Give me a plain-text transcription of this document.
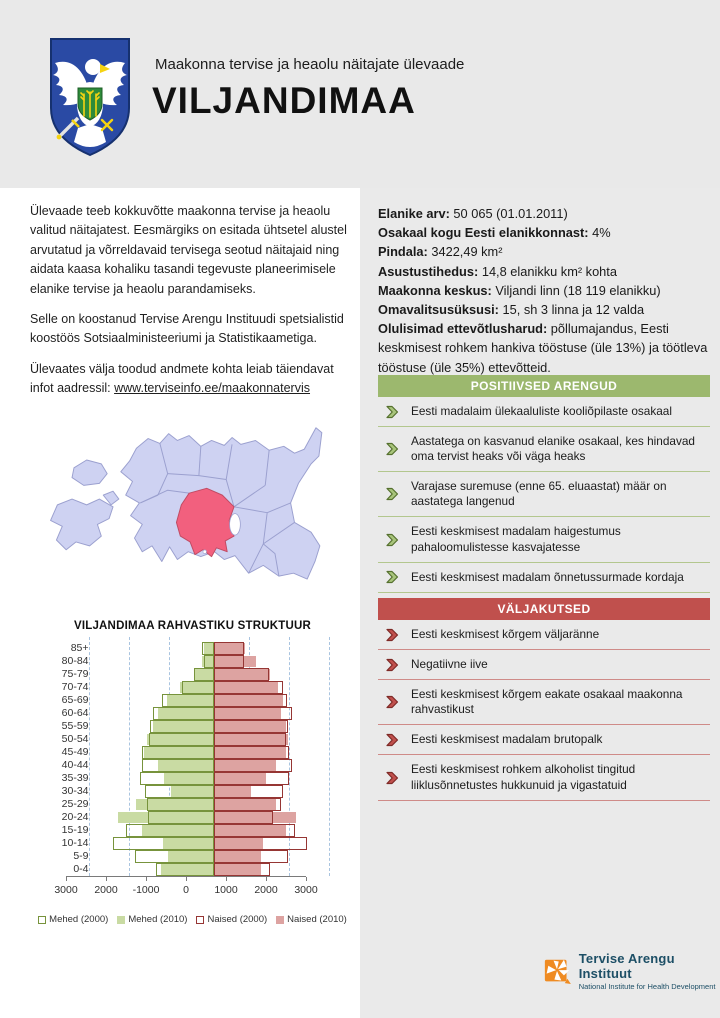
Maakonna tervise ja heaolu näitajate ülevaade
VILJANDIMAA

Ülevaade teeb kokkuvõtte maakonna tervise ja heaolu valitud näitajatest. Eesmärgiks on esitada ühtsetel alustel arvutatud ja võrreldavaid tervisega seotud näitajaid ning aidata kaasa kohaliku tasandi tegevuste planeerimisele elanike tervise ja heaolu parandamiseks.

Selle on koostanud Tervise Arengu Instituudi spetsialistid koostöös Sotsiaalministeeriumi ja Statistikaametiga.

Ülevaates välja toodud andmete kohta leiab täiendavat infot aadressil: www.terviseinfo.ee/maakonnatervis

VILJANDIMAA RAHVASTIKU STRUKTUUR
85+
80-84
75-79
70-74
65-69
60-64
55-59
50-54
45-49
40-44
35-39
30-34
25-29
20-24
15-19
10-14
5-9
0-4
3000 2000 -1000 0 1000 2000 3000
Mehed (2000) Mehed (2010) Naised (2000) Naised (2010)
Elanike arv: 50 065 (01.01.2011)
Osakaal kogu Eesti elanikkonnast: 4%
Pindala: 3422,49 km²
Asustustihedus: 14,8 elanikku km² kohta
Maakonna keskus: Viljandi linn (18 119 elanikku)
Omavalitsusüksusi: 15, sh 3 linna ja 12 valda
Olulisimad ettevõtlusharud: põllumajandus, Eesti keskmisest rohkem hankiva tööstuse (üle 13%) ja töötleva tööstuse (üle 35%) ettevõtteid.
POSITIIVSED ARENGUD
Eesti madalaim ülekaaluliste kooliõpilaste osakaal
Aastatega on kasvanud elanike osakaal, kes hindavad oma tervist heaks või väga heaks
Varajase suremuse (enne 65. eluaastat) määr on aastatega langenud
Eesti keskmisest madalam haigestumus pahaloomulistesse kasvajatesse
Eesti keskmisest madalam õnnetussurmade kordaja
VÄLJAKUTSED
Eesti keskmisest kõrgem väljaränne
Negatiivne iive
Eesti keskmisest kõrgem eakate osakaal maakonna rahvastikust
Eesti keskmisest madalam brutopalk
Eesti keskmisest rohkem alkoholist tingitud liiklusõnnetustes hukkunuid ja vigastatuid
Tervise Arengu Instituut
National Institute for Health Development
